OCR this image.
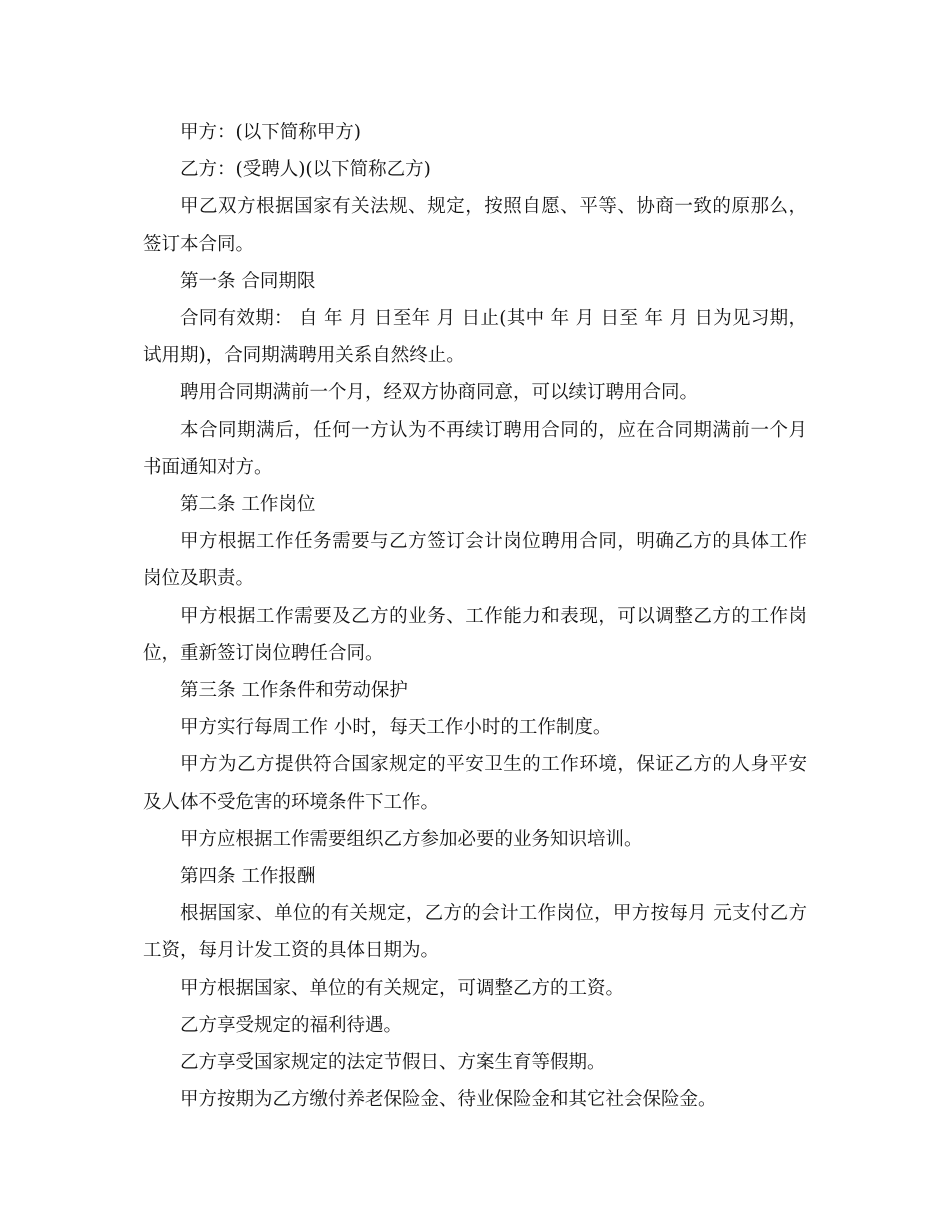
甲方：(以下简称甲方)

乙方：(受聘人)(以下简称乙方)

甲乙双方根据国家有关法规、规定，按照自愿、平等、协商一致的原那么，签订本合同。

第一条 合同期限

合同有效期： 自 年 月 日至年 月 日止(其中 年 月 日至 年 月 日为见习期，试用期)，合同期满聘用关系自然终止。

聘用合同期满前一个月，经双方协商同意，可以续订聘用合同。

本合同期满后，任何一方认为不再续订聘用合同的，应在合同期满前一个月书面通知对方。

第二条 工作岗位

甲方根据工作任务需要与乙方签订会计岗位聘用合同，明确乙方的具体工作岗位及职责。

甲方根据工作需要及乙方的业务、工作能力和表现，可以调整乙方的工作岗位，重新签订岗位聘任合同。

第三条 工作条件和劳动保护

甲方实行每周工作 小时，每天工作小时的工作制度。

甲方为乙方提供符合国家规定的平安卫生的工作环境，保证乙方的人身平安及人体不受危害的环境条件下工作。

甲方应根据工作需要组织乙方参加必要的业务知识培训。

第四条 工作报酬

根据国家、单位的有关规定，乙方的会计工作岗位，甲方按每月 元支付乙方工资，每月计发工资的具体日期为。

甲方根据国家、单位的有关规定，可调整乙方的工资。

乙方享受规定的福利待遇。

乙方享受国家规定的法定节假日、方案生育等假期。

甲方按期为乙方缴付养老保险金、待业保险金和其它社会保险金。
